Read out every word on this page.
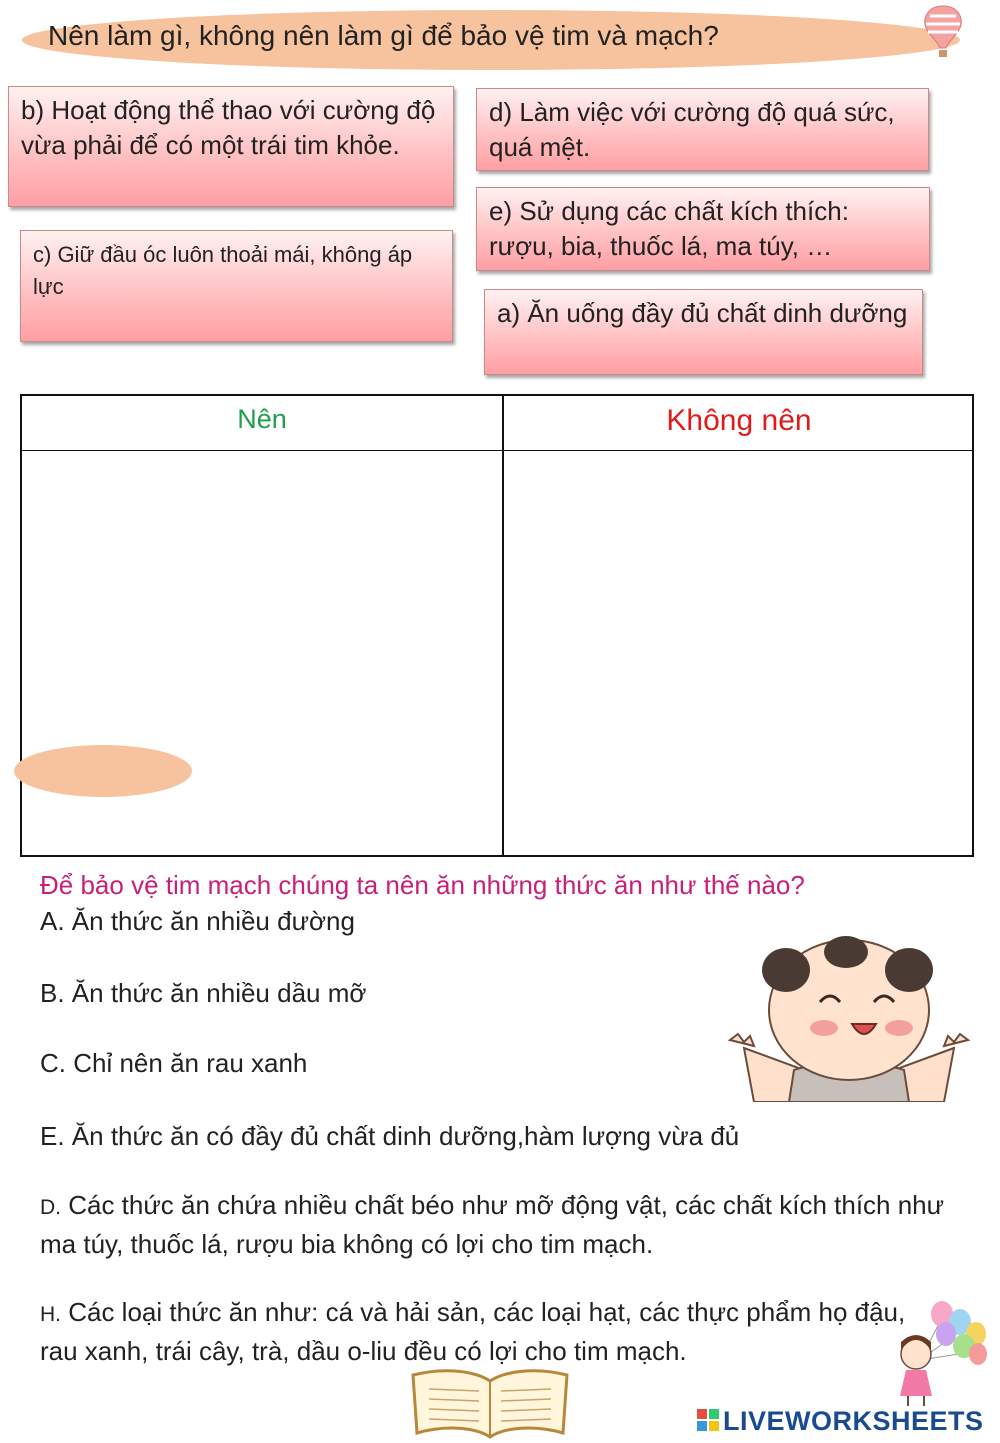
Nên làm gì, không nên làm gì để bảo vệ tim và mạch?
b) Hoạt động thể thao với cường độ vừa phải để có một trái tim khỏe.
c) Giữ đầu óc luôn thoải mái, không áp lực
d) Làm việc với cường độ quá sức, quá mệt.
e) Sử dụng các chất kích thích: rượu, bia, thuốc lá, ma túy, …
a) Ăn uống đầy đủ chất dinh dưỡng
Nên	Không nên
Để bảo vệ tim mạch chúng ta nên ăn những thức ăn như thế nào?
A. Ăn thức ăn nhiều đường
B. Ăn thức ăn nhiều dầu mỡ
C. Chỉ nên ăn rau xanh
E. Ăn thức ăn có đầy đủ chất dinh dưỡng,hàm lượng vừa đủ
D. Các thức ăn chứa nhiều chất béo như mỡ động vật, các chất kích thích như ma túy, thuốc lá, rượu bia không có lợi cho tim mạch.
H. Các loại thức ăn như: cá và hải sản, các loại hạt, các thực phẩm họ đậu, rau xanh, trái cây, trà, dầu o-liu đều có lợi cho tim mạch.
LIVEWORKSHEETS
